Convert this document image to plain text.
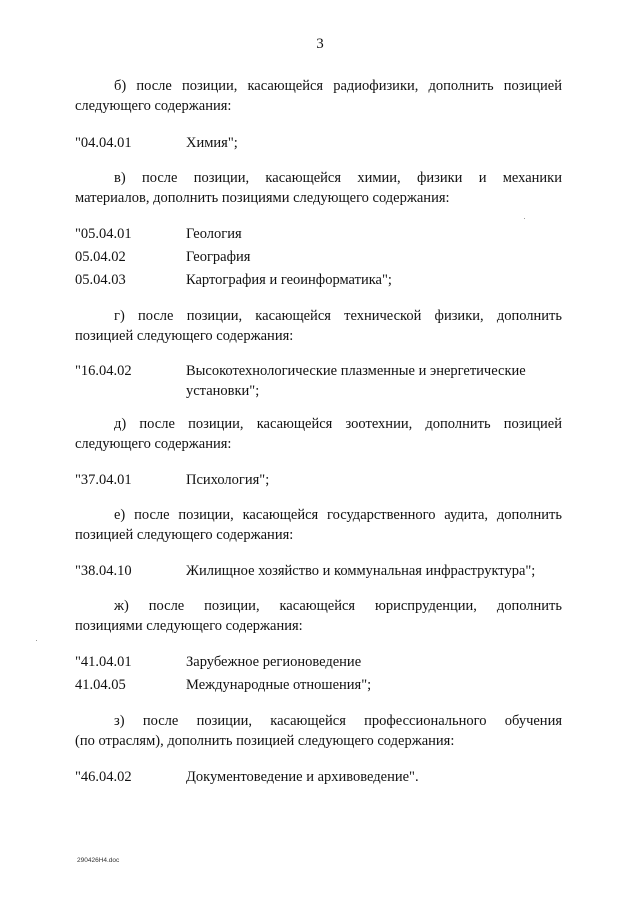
3
б) после позиции, касающейся радиофизики, дополнить позицией
следующего содержания:
"04.04.01	Химия";
в) после позиции, касающейся химии, физики и механики
материалов, дополнить позициями следующего содержания:
"05.04.01	Геология
05.04.02	География
05.04.03	Картография и геоинформатика";
г) после позиции, касающейся технической физики, дополнить
позицией следующего содержания:
"16.04.02	Высокотехнологические плазменные и энергетические установки";
д) после позиции, касающейся зоотехнии, дополнить позицией
следующего содержания:
"37.04.01	Психология";
е) после позиции, касающейся государственного аудита, дополнить
позицией следующего содержания:
"38.04.10	Жилищное хозяйство и коммунальная инфраструктура";
ж) после позиции, касающейся юриспруденции, дополнить
позициями следующего содержания:
"41.04.01	Зарубежное регионоведение
41.04.05	Международные отношения";
з) после позиции, касающейся профессионального обучения
(по отраслям), дополнить позицией следующего содержания:
"46.04.02	Документоведение и архивоведение".
290426Н4.doc
